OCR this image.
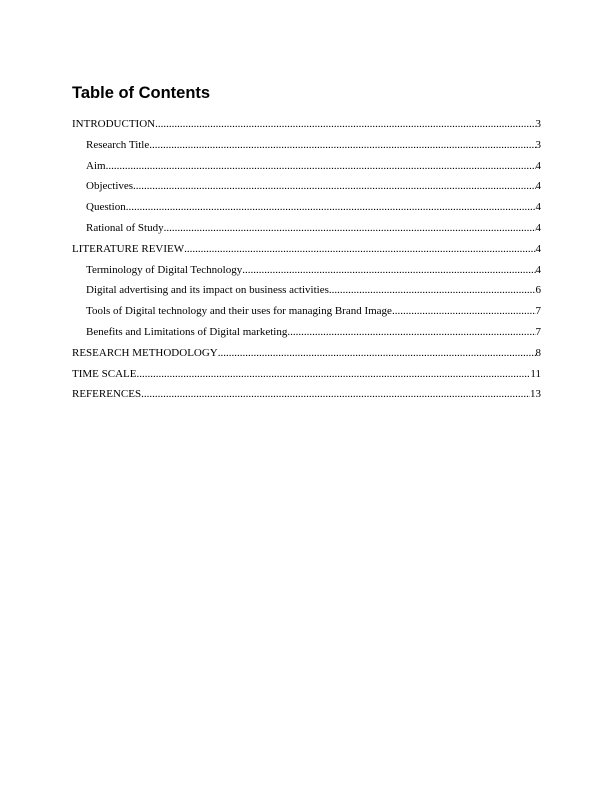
Table of Contents
INTRODUCTION .....	3
Research Title .....	3
Aim .....	4
Objectives .....	4
Question .....	4
Rational of Study .....	4
LITERATURE REVIEW .....	4
Terminology of Digital Technology .....	4
Digital advertising and its impact on business activities .....	6
Tools of Digital technology and their uses for managing Brand Image .....	7
Benefits and Limitations of Digital marketing .....	7
RESEARCH METHODOLOGY .....	8
TIME SCALE .....	11
REFERENCES .....	13
